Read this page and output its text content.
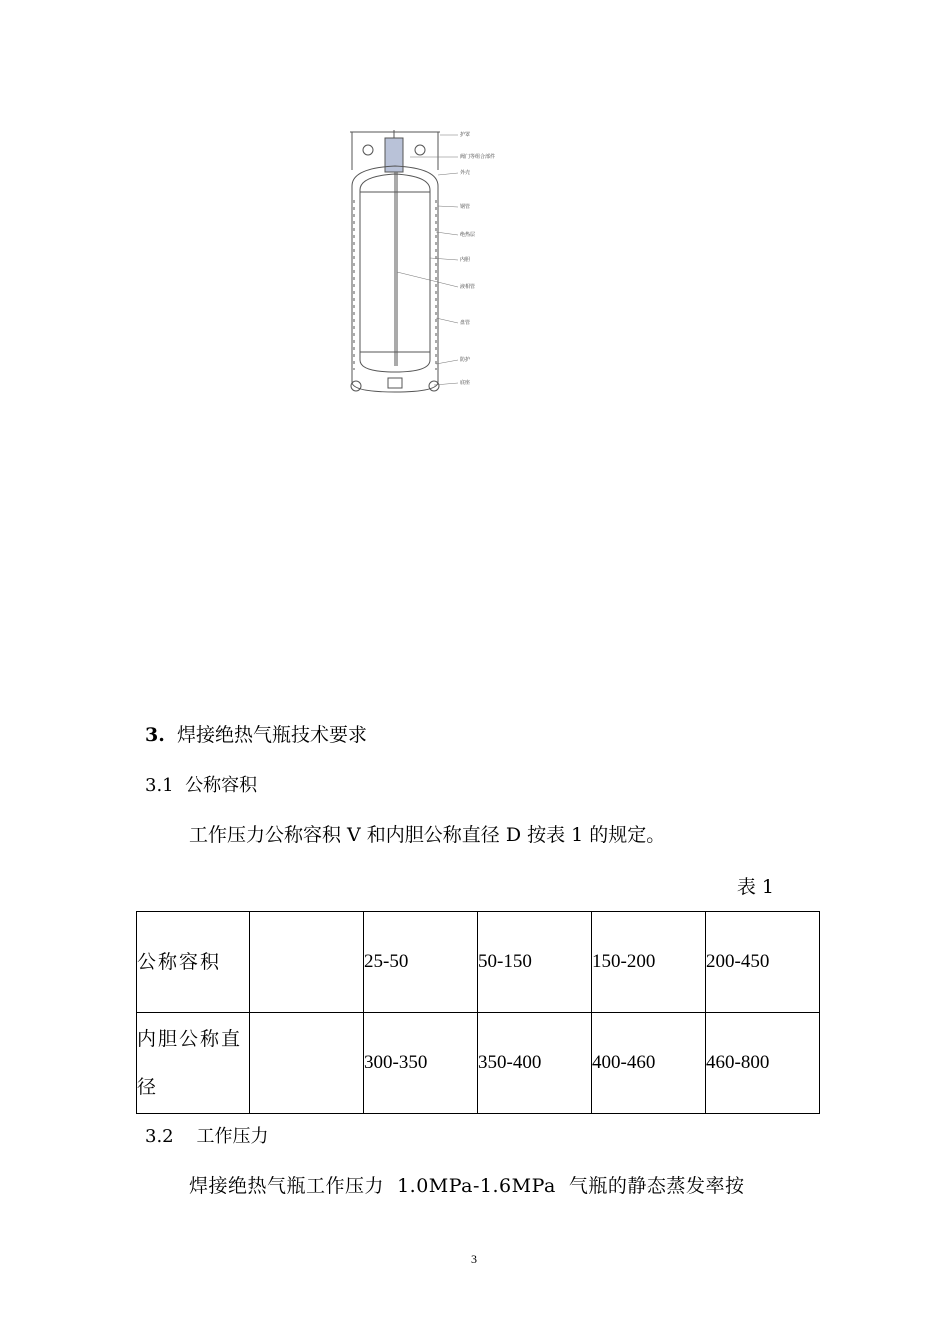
护罩
阀门等组合部件
外壳
钢管
绝热层
内胆
液相管
盘管
防护
底座
3. 焊接绝热气瓶技术要求
3.1 公称容积
工作压力公称容积 V 和内胆公称直径 D 按表 1 的规定。
表 1
公称容积		25-50	50-150	150-200	200-450
内胆公称直径		300-350	350-400	400-460	460-800
3.2 工作压力
焊接绝热气瓶工作压力  1.0MPa-1.6MPa  气瓶的静态蒸发率按
3
